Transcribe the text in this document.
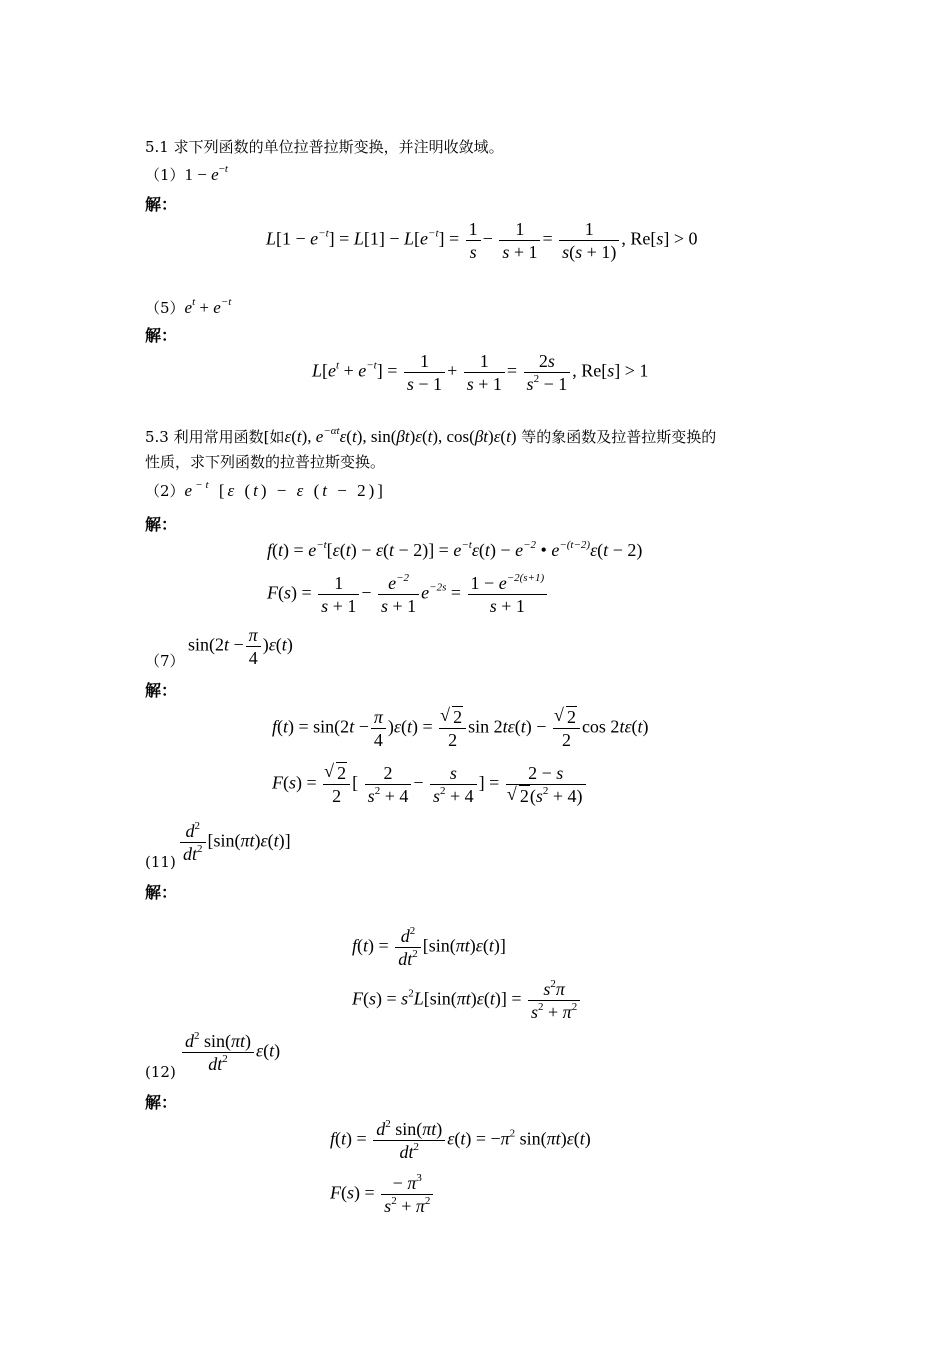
5.1 求下列函数的单位拉普拉斯变换，并注明收敛域。
$(1)1 - e^{-t}$
解：
$L[1 - e^{-t}] = L[1] - L[e^{-t}] = \frac{1}{s} - \frac{1}{s + 1} = \frac{1}{s(s + 1)}$ , Re[s] > 0
$(5)e^t + e^{-t}$
解：
$L[e^t + e^{-t}] = \frac{1}{s - 1} + \frac{1}{s + 1} = \frac{2s}{s^2 - 1}$ , Re[s] > 1
5.3 利用常用函数[如ε(t), $e^{-\alpha t}\varepsilon(t)$, sin(βt)ε(t), cos(βt)ε(t) 等的象函数及拉普拉斯变换的
性质，求下列函数的拉普拉斯变换。
$(2)e^{-t}$ [ε (t) − ε (t − 2)]
解：
$f(t) = e^{-t}[\varepsilon(t) - \varepsilon(t - 2)] = e^{-t}\varepsilon(t) - e^{-2}$ • $e^{-(t-2)}\varepsilon(t - 2)$
$F(s) = \frac{1}{s + 1} - \frac{e^{-2}}{s + 1} e^{-2s} = \frac{1 - e^{-2(s+1)}}{s + 1}$
（7）
$\sin(2t - \frac{\pi}{4} )\varepsilon(t)$
解：
$f(t) = \sin(2t - \frac{\pi}{4} )\varepsilon(t)$ = √ $\frac{2}{2}$ sin 2tε(t) − √ $\frac{2}{2}$ cos 2tε(t)
F(s) = √ $\frac{2}{2}$ [ $\frac{2}{s^2 + 4} - \frac{s}{s^2 + 4}$ ] = 2 − s
√ $2(s^2 + 4)$
$(11) \frac{d^2}{dt^2} [\sin(\pi t)\varepsilon(t)]$
解：
$f(t) = \frac{d^2}{dt^2} [\sin(\pi t)\varepsilon(t)]$
$F(s) = s^2L[\sin(\pi t)\varepsilon(t)] = \frac{s^2\pi}{s^2 + \pi^2}$
$(12) \frac{d^2 \sin(\pi t)}{dt^2} \varepsilon(t)$
解：
$f(t) = \frac{d^2 \sin(\pi t)}{dt^2} \varepsilon(t) = -\pi^2$ sin(πt)ε(t)
$F(s) = \frac{- \pi^3}{s^2 + \pi^2}$
